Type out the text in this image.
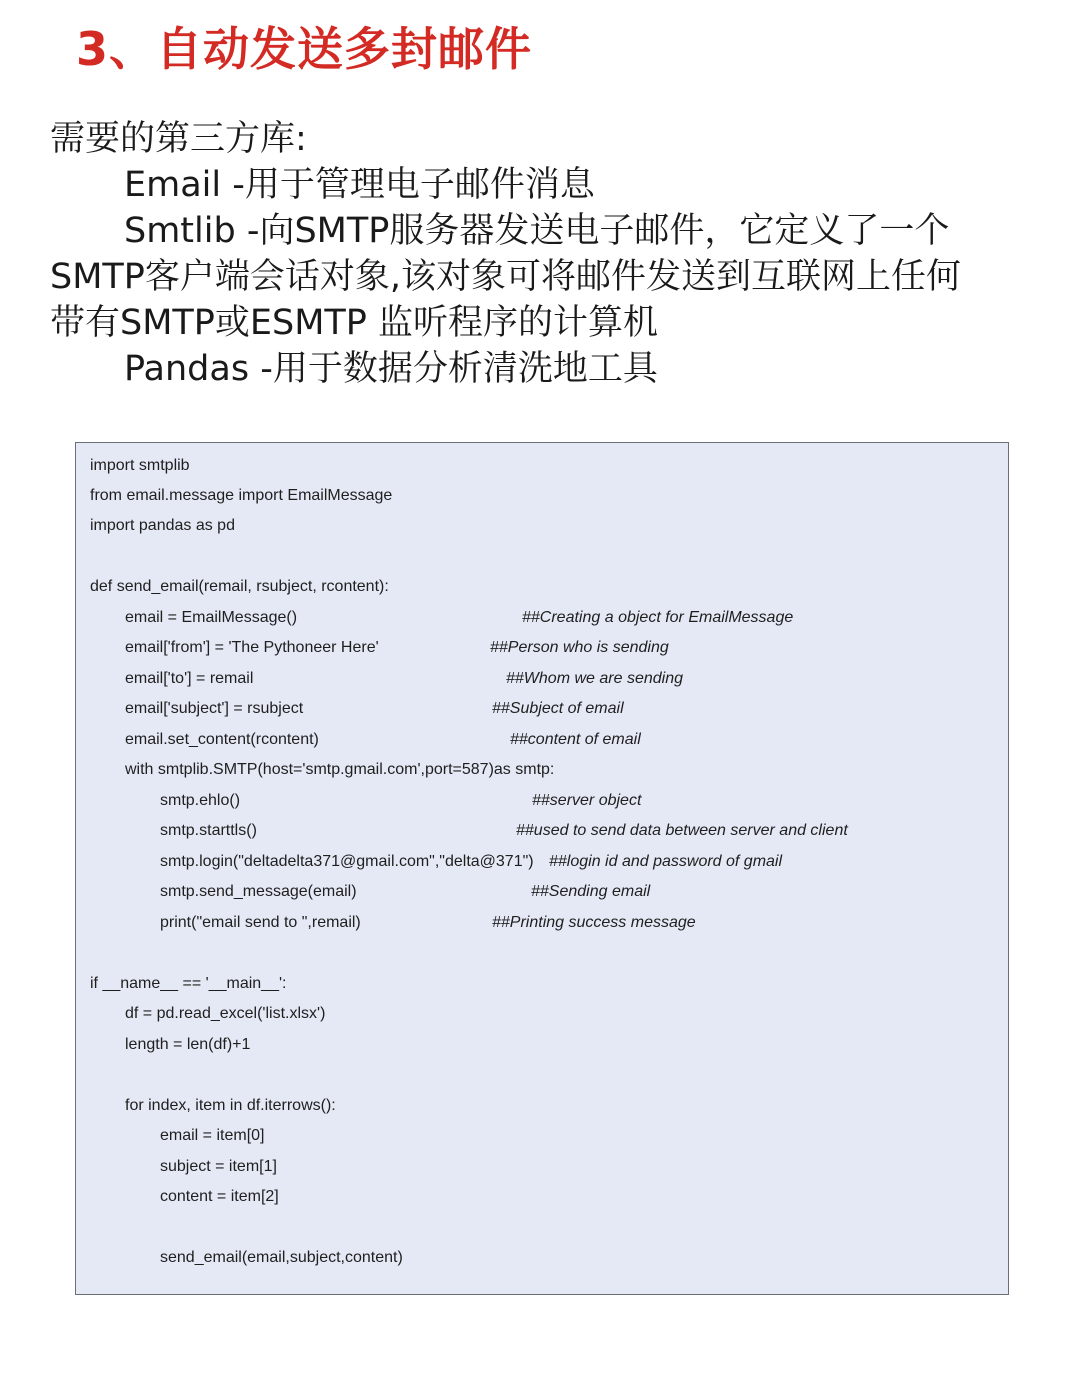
3、自动发送多封邮件
需要的第三方库:
Email -用于管理电子邮件消息
Smtlib -向SMTP服务器发送电子邮件，它定义了一个
SMTP客户端会话对象,该对象可将邮件发送到互联网上任何
带有SMTP或ESMTP 监听程序的计算机
Pandas -用于数据分析清洗地工具
import smtplib
from email.message import EmailMessage
import pandas as pd
def send_email(remail, rsubject, rcontent):
email = EmailMessage()	##Creating a object for EmailMessage
email['from'] = 'The Pythoneer Here'	##Person who is sending
email['to'] = remail	##Whom we are sending
email['subject'] = rsubject	##Subject of email
email.set_content(rcontent)	##content of email
with smtplib.SMTP(host='smtp.gmail.com',port=587)as smtp:
smtp.ehlo()	##server object
smtp.starttls()	##used to send data between server and client
smtp.login("deltadelta371@gmail.com","delta@371") ##login id and password of gmail
smtp.send_message(email)	##Sending email
print("email send to ",remail)	##Printing success message
if __name__ == '__main__':
df = pd.read_excel('list.xlsx')
length = len(df)+1
for index, item in df.iterrows():
email = item[0]
subject = item[1]
content = item[2]
send_email(email,subject,content)
